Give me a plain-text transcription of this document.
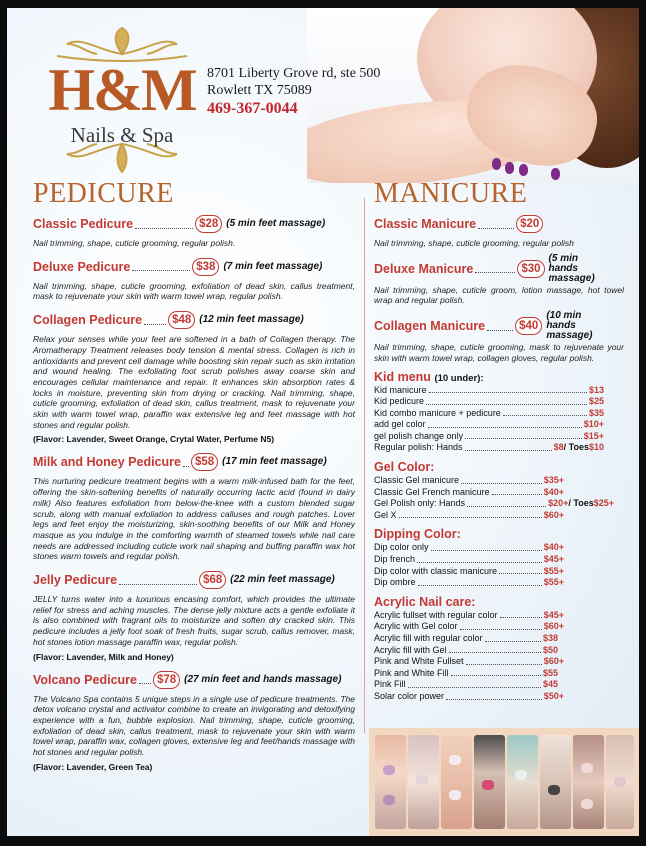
H&M
Nails & Spa
8701 Liberty Grove rd, ste 500
Rowlett TX 75089
469-367-0044
PEDICURE	MANICURE
Classic Pedicure	$28 (5 min feet massage)
Nail trimming, shape, cuticle grooming, regular polish.
Deluxe Pedicure	$38 (7 min feet massage)
Nail trimming, shape, cuticle grooming, exfoliation of dead skin, callus treatment, mask to rejuvenate your skin with warm towel wrap, regular polish.
Collagen Pedicure	$48 (12 min feet massage)
Relax your senses while your feet are softened in a bath of Collagen therapy. The Aromatherapy Treatment releases body tension & mental stress. Collagen is rich in antioxidants and prevent cell damage while boosting skin repair such as skin irritation and wound healing. The exfoliating foot scrub polishes away coarse skin and encourages cellular maintenance and repair. It enhances skin absorption rates & locks in moisture, preventing skin from drying or cracking. Nail trimming, shape, cuticle grooming, exfoliation of dead skin, callus treatment, mask to rejuvenate your skin with warm towel wrap, paraffin wax extensive leg and feet massage with hot stones and regular polish.
(Flavor: Lavender, Sweet Orange, Crytal Water, Perfume N5)
Milk and Honey Pedicure	$58 (17 min feet massage)
This nurturing pedicure treatment begins with a warm milk-infused bath for the feet, offering the skin-softening benefits of naturally occurring lactic acid (found in dairy milk) Also features exfoliation from below-the-knee with a custom blended sugar scrub, along with manual exfoliation to address calluses and rough patches. Lover legs and feet enjoy the moisturizing, skin-soothing benefits of our Milk and Honey masque as you indulge in the comforting warmth of steamed towels while nail care needs are addressed including cuticle work nail shaping and buffing paraffin wax hot stones warm towels and regular polish.
Jelly Pedicure	$68 (22 min feet massage)
JELLY turns water into a luxurious encasing comfort, which provides the ultimate relief for stress and aching muscles. The dense jelly mixture acts a gentle exfoliate it is also combined with fragrant oils to moisturize and soften dry cracked skin. This pedicure includes a jelly foot soak of fresh fruits, sugar scrub, callus remover, mask, hot stones lotion massage paraffin wax, regular polish.
(Flavor: Lavender, Milk and Honey)
Volcano Pedicure	$78 (27 min feet and hands massage)
The Volcano Spa contains 5 unique steps in a single use of pedicure treatments. The detox volcano crystal and activator combine to create an invigorating and detoxifying experience with a fun, bubble explosion. Nail trimming, shape, cuticle grooming, exfoliation of dead skin, callus treatment, mask to rejuvenate your skin with warm towel wrap, paraffin wax, collagen gloves, extensive leg and feet/hands massage with hot stones and regular polish.
(Flavor: Lavender, Green Tea)
Classic Manicure	$20
Nail trimming, shape, cuticle grooming, regular polish
Deluxe Manicure	$30
(5 min hands massage)
Nail trimming, shape, cuticle groom, lotion massage, hot towel wrap and regular polish.
Collagen Manicure	$40
(10 min hands massage)
Nail trimming, shape, cuticle grooming, mask to rejuvenate your skin with warm towel wrap, collagen gloves, regular polish.
Kid menu (10 under):
Kid manicure	$13
Kid pedicure	$25
Kid combo manicure + pedicure	$35
add gel color	$10+
gel polish change only	$15+
Regular polish: Hands	$8 / Toes $10
Gel Color:
Classic Gel manicure	$35+
Classic Gel French manicure	$40+
Gel Polish only: Hands	$20+ / Toes $25+
Gel X	$60+
Dipping Color:
Dip color only	$40+
Dip french	$45+
Dip color with classic manicure	$55+
Dip ombre	$55+
Acrylic Nail care:
Acrylic fullset with regular color	$45+
Acrylic with Gel color	$60+
Acrylic fill with regular color	$38
Acrylic fill with Gel	$50
Pink and White Fullset	$60+
Pink and White Fill	$55
Pink Fill	$45
Solar color power	$50+
